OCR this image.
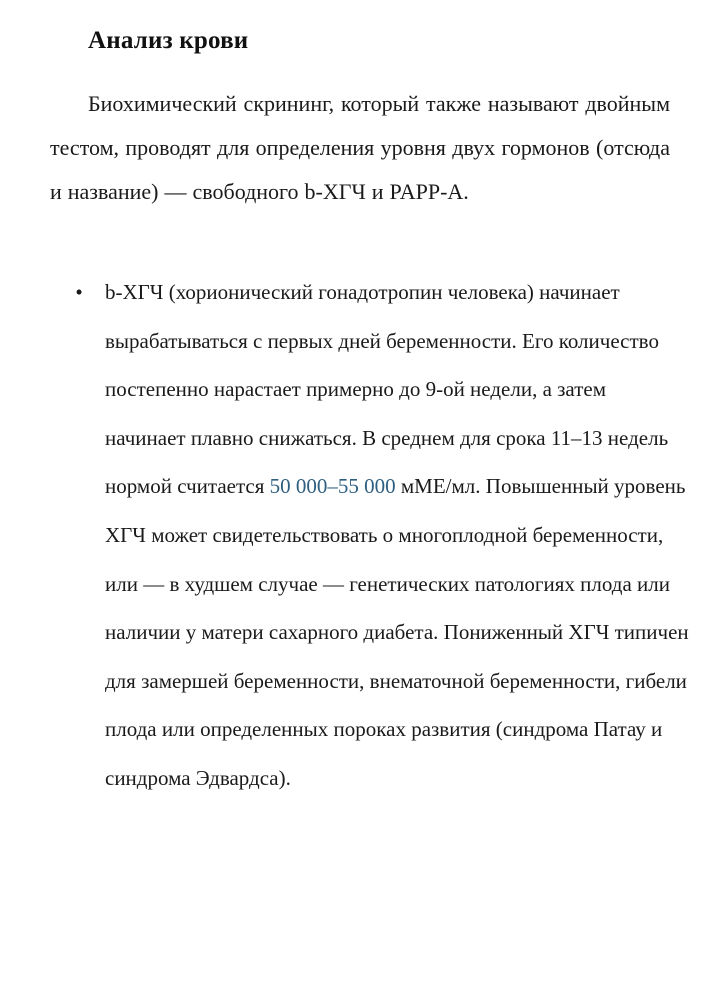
Анализ крови

Биохимический скрининг, который также называют двойным тестом, проводят для определения уровня двух гормонов (отсюда и название) — свободного b-ХГЧ и PAPP-A.

• b-ХГЧ (хорионический гонадотропин человека) начинает вырабатываться с первых дней беременности. Его количество постепенно нарастает примерно до 9-ой недели, а затем начинает плавно снижаться. В среднем для срока 11–13 недель нормой считается 50 000–55 000 мМЕ/мл. Повышенный уровень ХГЧ может свидетельствовать о многоплодной беременности, или — в худшем случае — генетических патологиях плода или наличии у матери сахарного диабета. Пониженный ХГЧ типичен для замершей беременности, внематочной беременности, гибели плода или определенных пороках развития (синдрома Патау и синдрома Эдвардса).
